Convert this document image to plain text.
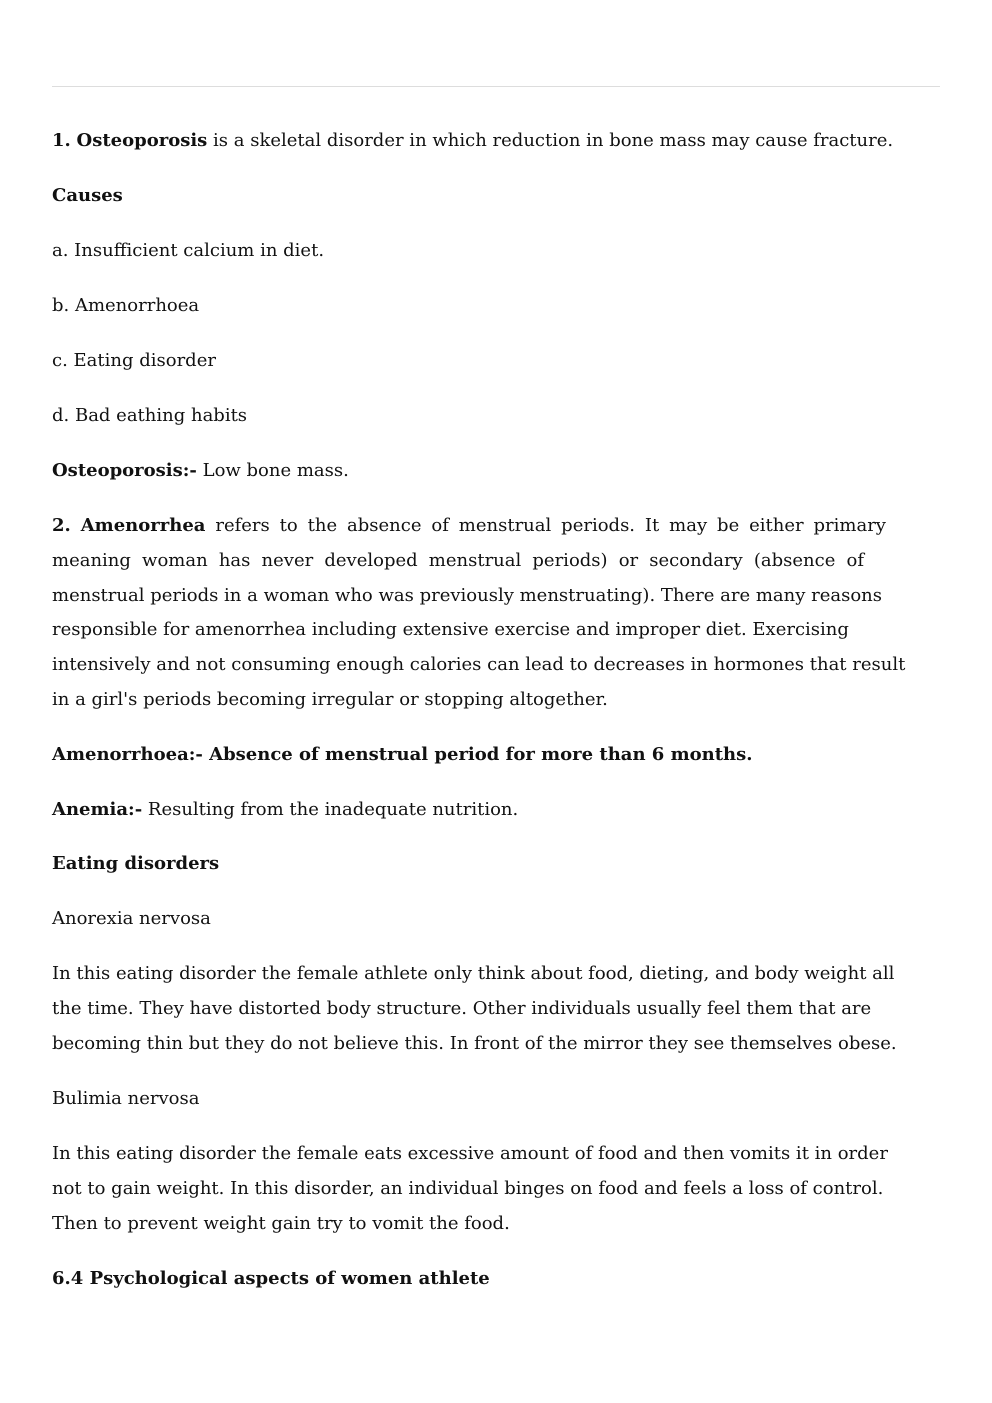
1. Osteoporosis is a skeletal disorder in which reduction in bone mass may cause fracture.

Causes

a. Insufficient calcium in diet.

b. Amenorrhoea

c. Eating disorder

d. Bad eathing habits

Osteoporosis:- Low bone mass.

2. Amenorrhea refers to the absence of menstrual periods. It may be either primary
meaning woman has never developed menstrual periods) or secondary (absence of
menstrual periods in a woman who was previously menstruating). There are many reasons
responsible for amenorrhea including extensive exercise and improper diet. Exercising
intensively and not consuming enough calories can lead to decreases in hormones that result
in a girl's periods becoming irregular or stopping altogether.

Amenorrhoea:- Absence of menstrual period for more than 6 months.

Anemia:- Resulting from the inadequate nutrition.

Eating disorders

Anorexia nervosa

In this eating disorder the female athlete only think about food, dieting, and body weight all
the time. They have distorted body structure. Other individuals usually feel them that are
becoming thin but they do not believe this. In front of the mirror they see themselves obese.

Bulimia nervosa

In this eating disorder the female eats excessive amount of food and then vomits it in order
not to gain weight. In this disorder, an individual binges on food and feels a loss of control.
Then to prevent weight gain try to vomit the food.

6.4 Psychological aspects of women athlete
